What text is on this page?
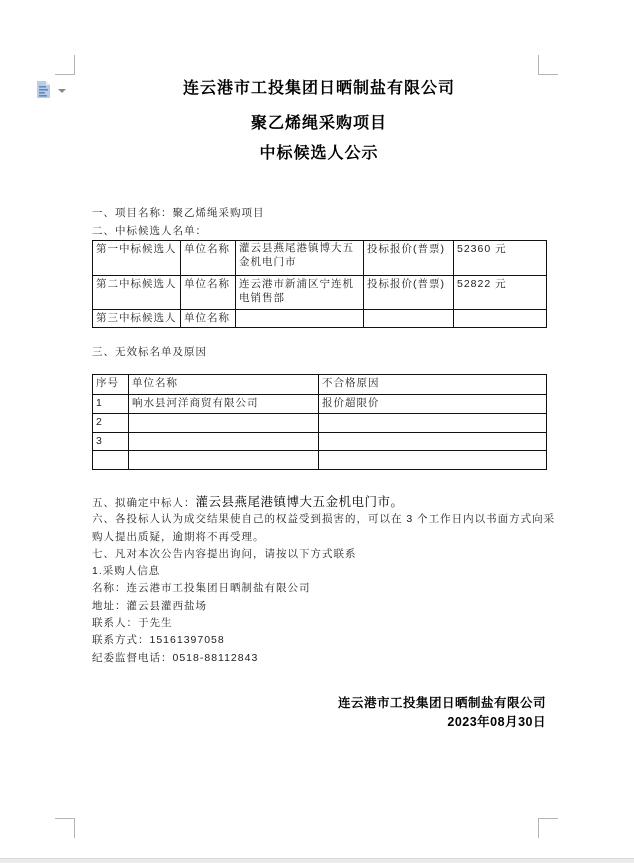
连云港市工投集团日晒制盐有限公司
聚乙烯绳采购项目
中标候选人公示
一、项目名称：聚乙烯绳采购项目
二、中标候选人名单：
第一中标候选人	单位名称	灌云县燕尾港镇博大五金机电门市	投标报价(普票)	52360 元
第二中标候选人	单位名称	连云港市新浦区宁连机电销售部	投标报价(普票)	52822 元
第三中标候选人	单位名称			
三、无效标名单及原因
序号	单位名称	不合格原因
1	响水县河洋商贸有限公司	报价超限价
2		
3		

五、拟确定中标人：灌云县燕尾港镇博大五金机电门市。
六、各投标人认为成交结果使自己的权益受到损害的，可以在 3 个工作日内以书面方式向采
购人提出质疑，逾期将不再受理。
七、凡对本次公告内容提出询问，请按以下方式联系
1.采购人信息
名称：连云港市工投集团日晒制盐有限公司
地址：灌云县灌西盐场
联系人：于先生
联系方式：15161397058
纪委监督电话：0518-88112843
连云港市工投集团日晒制盐有限公司
2023年08月30日
